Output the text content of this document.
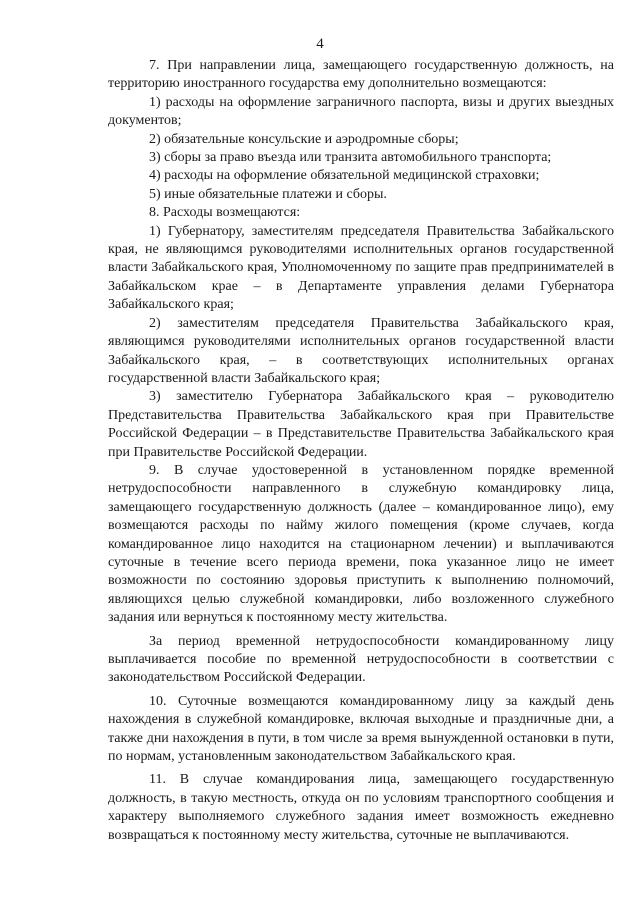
4

7. При направлении лица, замещающего государственную должность, на территорию иностранного государства ему дополнительно возмещаются:

1) расходы на оформление заграничного паспорта, визы и других выездных документов;

2) обязательные консульские и аэродромные сборы;

3) сборы за право въезда или транзита автомобильного транспорта;

4) расходы на оформление обязательной медицинской страховки;

5) иные обязательные платежи и сборы.

8. Расходы возмещаются:

1) Губернатору, заместителям председателя Правительства Забайкальского края, не являющимся руководителями исполнительных органов государственной власти Забайкальского края, Уполномоченному по защите прав предпринимателей в Забайкальском крае – в Департаменте управления делами Губернатора Забайкальского края;

2) заместителям председателя Правительства Забайкальского края, являющимся руководителями исполнительных органов государственной власти Забайкальского края, – в соответствующих исполнительных органах государственной власти Забайкальского края;

3) заместителю Губернатора Забайкальского края – руководителю Представительства Правительства Забайкальского края при Правительстве Российской Федерации – в Представительстве Правительства Забайкальского края при Правительстве Российской Федерации.

9. В случае удостоверенной в установленном порядке временной нетрудоспособности направленного в служебную командировку лица, замещающего государственную должность (далее – командированное лицо), ему возмещаются расходы по найму жилого помещения (кроме случаев, когда командированное лицо находится на стационарном лечении) и выплачиваются суточные в течение всего периода времени, пока указанное лицо не имеет возможности по состоянию здоровья приступить к выполнению полномочий, являющихся целью служебной командировки, либо возложенного служебного задания или вернуться к постоянному месту жительства.

За период временной нетрудоспособности командированному лицу выплачивается пособие по временной нетрудоспособности в соответствии с законодательством Российской Федерации.

10. Суточные возмещаются командированному лицу за каждый день нахождения в служебной командировке, включая выходные и праздничные дни, а также дни нахождения в пути, в том числе за время вынужденной остановки в пути, по нормам, установленным законодательством Забайкальского края.

11. В случае командирования лица, замещающего государственную должность, в такую местность, откуда он по условиям транспортного сообщения и характеру выполняемого служебного задания имеет возможность ежедневно возвращаться к постоянному месту жительства, суточные не выплачиваются.
